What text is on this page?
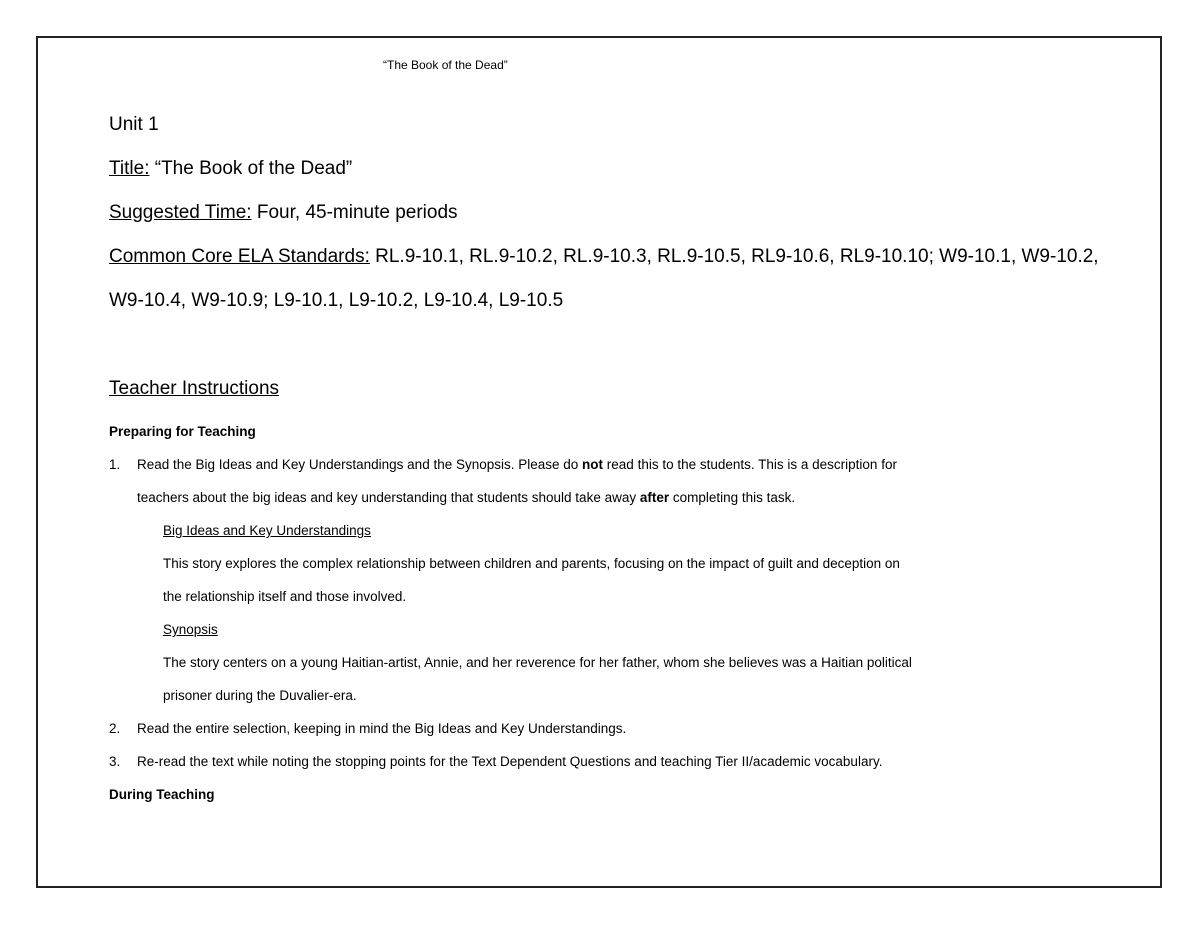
“The Book of the Dead”
Unit 1
Title: “The Book of the Dead”
Suggested Time: Four, 45-minute periods
Common Core ELA Standards: RL.9-10.1, RL.9-10.2, RL.9-10.3, RL.9-10.5, RL9-10.6, RL9-10.10; W9-10.1, W9-10.2, W9-10.4, W9-10.9; L9-10.1, L9-10.2, L9-10.4, L9-10.5
Teacher Instructions
Preparing for Teaching
1. Read the Big Ideas and Key Understandings and the Synopsis. Please do not read this to the students. This is a description for
teachers about the big ideas and key understanding that students should take away after completing this task.
Big Ideas and Key Understandings
This story explores the complex relationship between children and parents, focusing on the impact of guilt and deception on
the relationship itself and those involved.
Synopsis
The story centers on a young Haitian-artist, Annie, and her reverence for her father, whom she believes was a Haitian political
prisoner during the Duvalier-era.
2. Read the entire selection, keeping in mind the Big Ideas and Key Understandings.
3. Re-read the text while noting the stopping points for the Text Dependent Questions and teaching Tier II/academic vocabulary.
During Teaching
